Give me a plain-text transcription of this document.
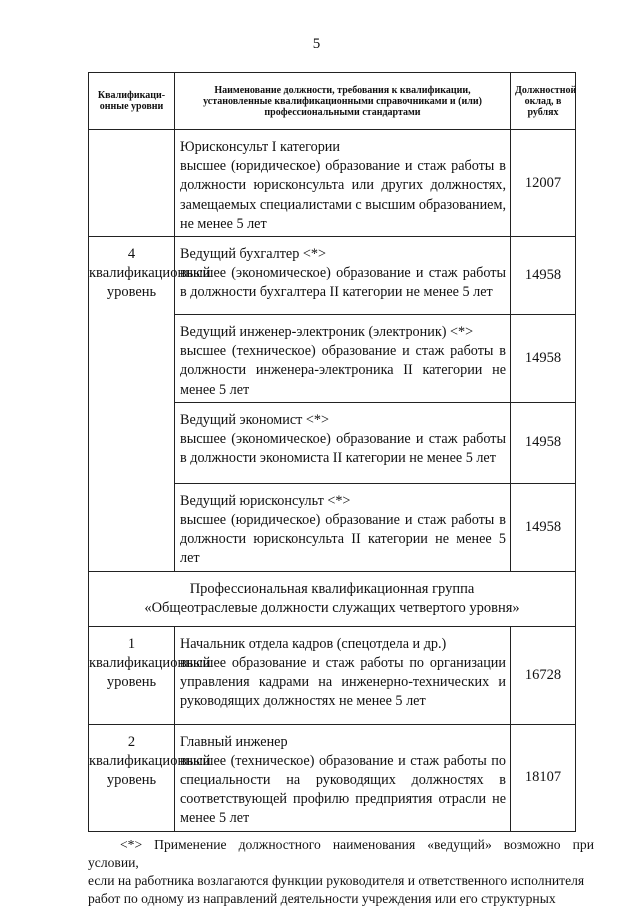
5
Квалификаци-онные уровни	Наименование должности, требования к квалификации, установленные квалификационными справочниками и (или) профессиональными стандартами	Должностной оклад, в рублях

	Юрисконсульт I категории
высшее (юридическое) образование и стаж работы в должности юрисконсульта или других должностях, замещаемых специалистами с высшим образованием, не менее 5 лет	12007
4 квалификационный уровень	Ведущий бухгалтер <*>
высшее (экономическое) образование и стаж работы в должности бухгалтера II категории не менее 5 лет	14958

	Ведущий инженер-электроник (электроник) <*>
высшее (техническое) образование и стаж работы в должности инженера-электроника II категории не менее 5 лет	14958

	Ведущий экономист <*>
высшее (экономическое) образование и стаж работы в должности экономиста II категории не менее 5 лет	14958

	Ведущий юрисконсульт <*>
высшее (юридическое) образование и стаж работы в должности юрисконсульта II категории не менее 5 лет	14958

Профессиональная квалификационная группа
«Общеотраслевые должности служащих четвертого уровня»		

1 квалификационный уровень	Начальник отдела кадров (спецотдела и др.)
высшее образование и стаж работы по организации управления кадрами на инженерно-технических и руководящих должностях не менее 5 лет	16728
2 квалификационный уровень	Главный инженер
высшее (техническое) образование и стаж работы по специальности на руководящих должностях в соответствующей профилю предприятия отрасли не менее 5 лет	18107
<*> Применение должностного наименования «ведущий» возможно при условии,
если на работника возлагаются функции руководителя и ответственного исполнителя
работ по одному из направлений деятельности учреждения или его структурных
